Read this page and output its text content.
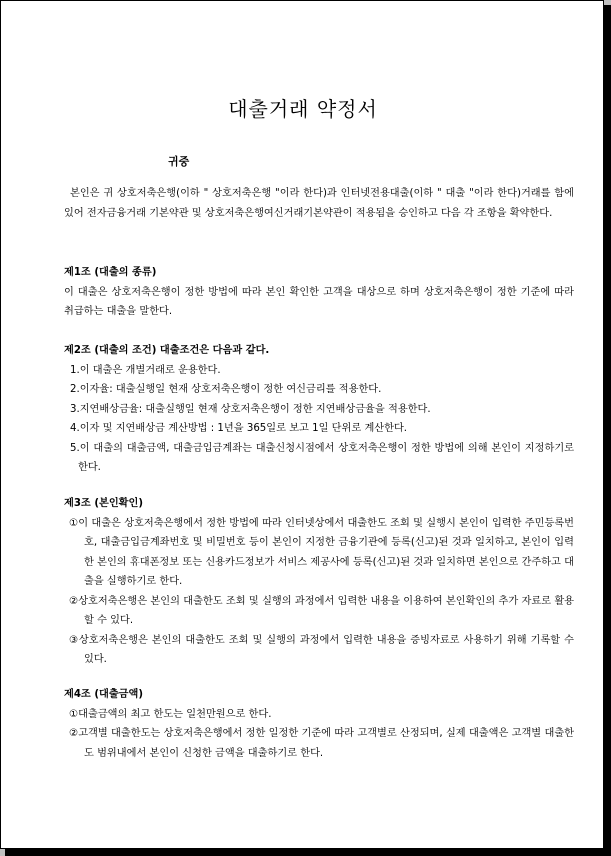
대출거래 약정서
귀중
본인은 귀 상호저축은행(이하 " 상호저축은행 "이라 한다)과 인터넷전용대출(이하 " 대출 "이라 한다)거래를 함에 있어 전자금융거래 기본약관 및 상호저축은행여신거래기본약관이 적용됨을 승인하고 다음 각 조항을 확약한다.
제1조 (대출의 종류)
이 대출은 상호저축은행이 정한 방법에 따라 본인 확인한 고객을 대상으로 하며 상호저축은행이 정한 기준에 따라 취급하는 대출을 말한다.
제2조 (대출의 조건) 대출조건은 다음과 같다.
1.이 대출은 개별거래로 운용한다.
2.이자율: 대출실행일 현재 상호저축은행이 정한 여신금리를 적용한다.
3.지연배상금율: 대출실행일 현재 상호저축은행이 정한 지연배상금율을 적용한다.
4.이자 및 지연배상금 계산방법 : 1년을 365일로 보고 1일 단위로 계산한다.
5.이 대출의 대출금액, 대출금입금계좌는 대출신청시점에서 상호저축은행이 정한 방법에 의해 본인이 지정하기로 한다.
제3조 (본인확인)
①이 대출은 상호저축은행에서 정한 방법에 따라 인터넷상에서 대출한도 조회 및 실행시 본인이 입력한 주민등록번호, 대출금입금계좌번호 및 비밀번호 등이 본인이 지정한 금융기관에 등록(신고)된 것과 일치하고, 본인이 입력한 본인의 휴대폰정보 또는 신용카드정보가 서비스 제공사에 등록(신고)된 것과 일치하면 본인으로 간주하고 대출을 실행하기로 한다.
②상호저축은행은 본인의 대출한도 조회 및 실행의 과정에서 입력한 내용을 이용하여 본인확인의 추가 자료로 활용할 수 있다.
③상호저축은행은 본인의 대출한도 조회 및 실행의 과정에서 입력한 내용을 증빙자료로 사용하기 위해 기록할 수 있다.
제4조 (대출금액)
①대출금액의 최고 한도는 일천만원으로 한다.
②고객별 대출한도는 상호저축은행에서 정한 일정한 기준에 따라 고객별로 산정되며, 실제 대출액은 고객별 대출한도 범위내에서 본인이 신청한 금액을 대출하기로 한다.
